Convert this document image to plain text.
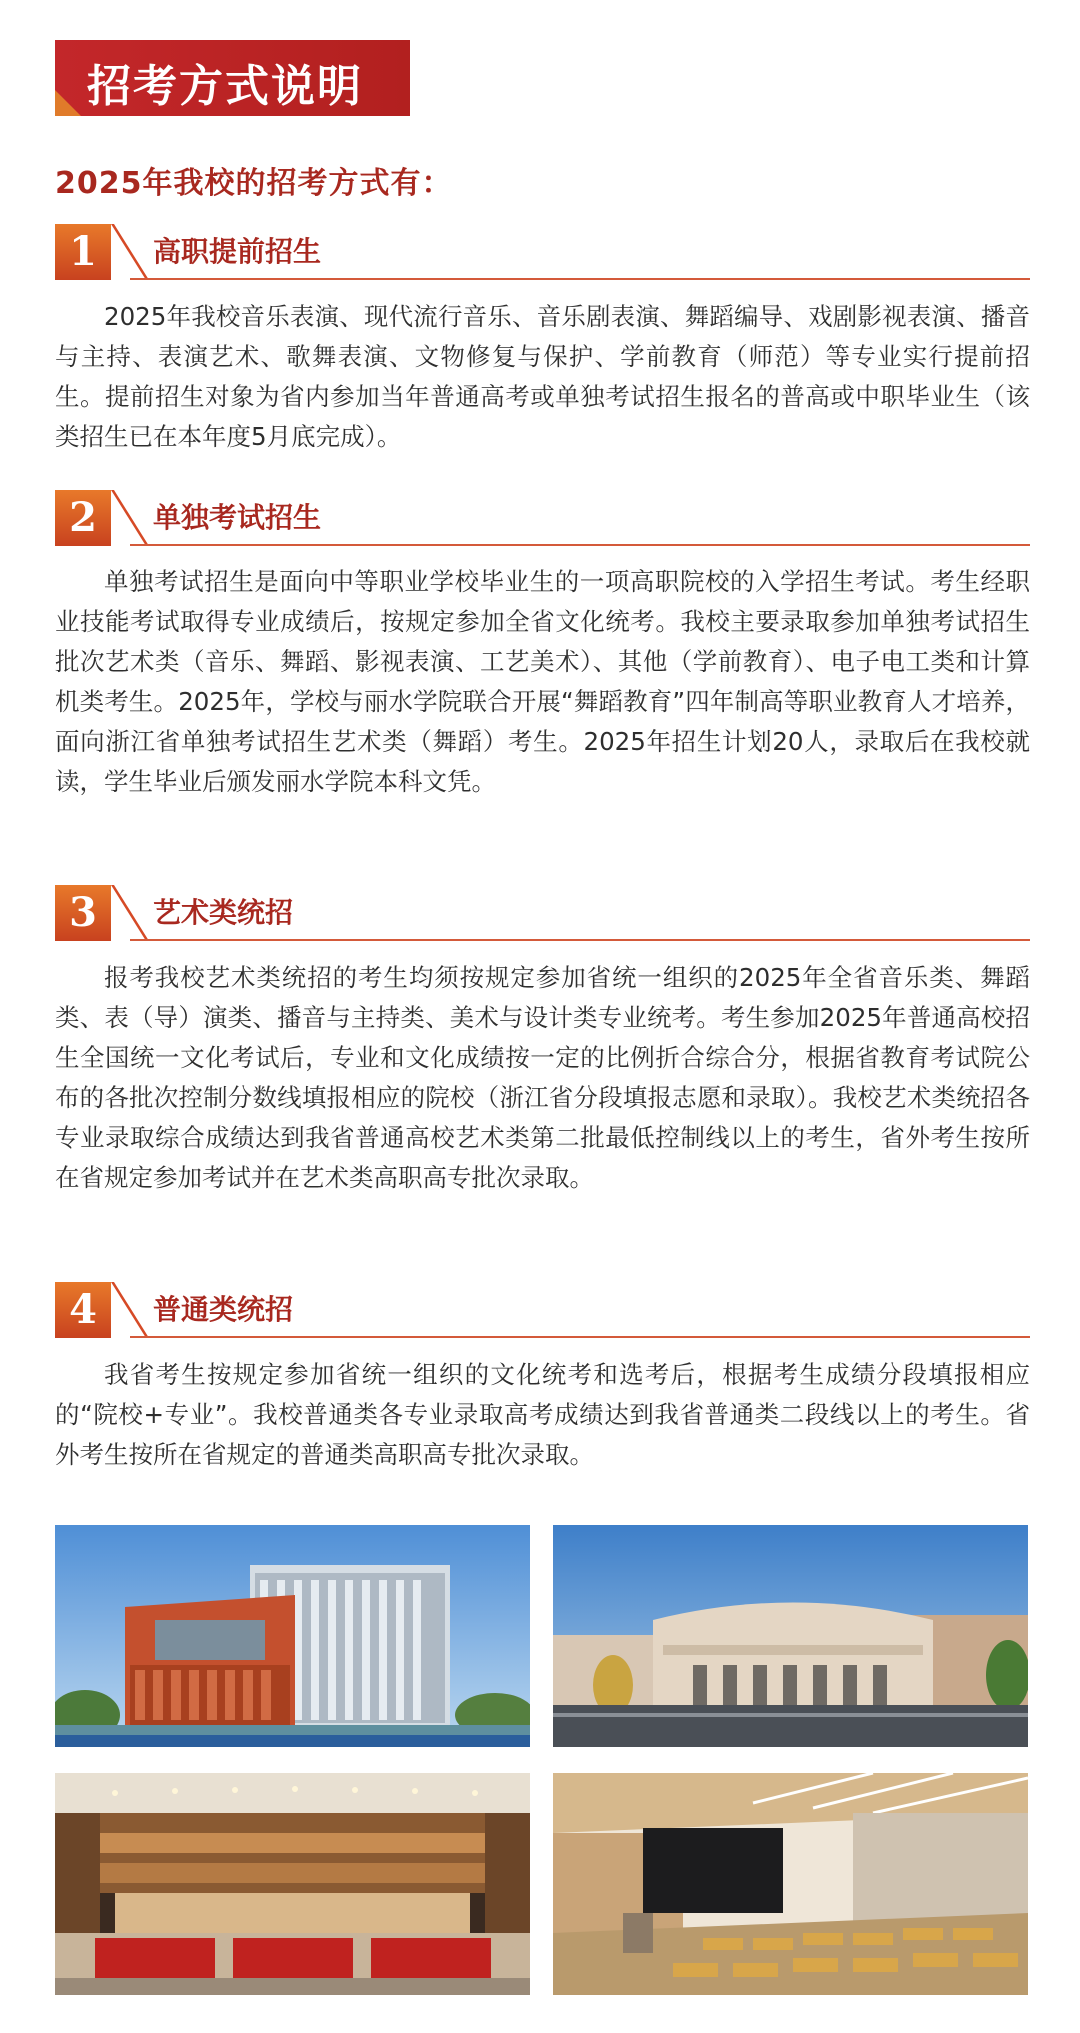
招考方式说明
2025年我校的招考方式有：
1	高职提前招生

2025年我校音乐表演、现代流行音乐、音乐剧表演、舞蹈编导、戏剧影视表演、播音与主持、表演艺术、歌舞表演、文物修复与保护、学前教育（师范）等专业实行提前招生。提前招生对象为省内参加当年普通高考或单独考试招生报名的普高或中职毕业生（该类招生已在本年度5月底完成）。

2	单独考试招生

单独考试招生是面向中等职业学校毕业生的一项高职院校的入学招生考试。考生经职业技能考试取得专业成绩后，按规定参加全省文化统考。我校主要录取参加单独考试招生批次艺术类（音乐、舞蹈、影视表演、工艺美术）、其他（学前教育）、电子电工类和计算机类考生。2025年，学校与丽水学院联合开展“舞蹈教育”四年制高等职业教育人才培养，面向浙江省单独考试招生艺术类（舞蹈）考生。2025年招生计划20人，录取后在我校就读，学生毕业后颁发丽水学院本科文凭。

3	艺术类统招

报考我校艺术类统招的考生均须按规定参加省统一组织的2025年全省音乐类、舞蹈类、表（导）演类、播音与主持类、美术与设计类专业统考。考生参加2025年普通高校招生全国统一文化考试后，专业和文化成绩按一定的比例折合综合分，根据省教育考试院公布的各批次控制分数线填报相应的院校（浙江省分段填报志愿和录取）。我校艺术类统招各专业录取综合成绩达到我省普通高校艺术类第二批最低控制线以上的考生，省外考生按所在省规定参加考试并在艺术类高职高专批次录取。

4	普通类统招

我省考生按规定参加省统一组织的文化统考和选考后，根据考生成绩分段填报相应的“院校+专业”。我校普通类各专业录取高考成绩达到我省普通类二段线以上的考生。省外考生按所在省规定的普通类高职高专批次录取。
